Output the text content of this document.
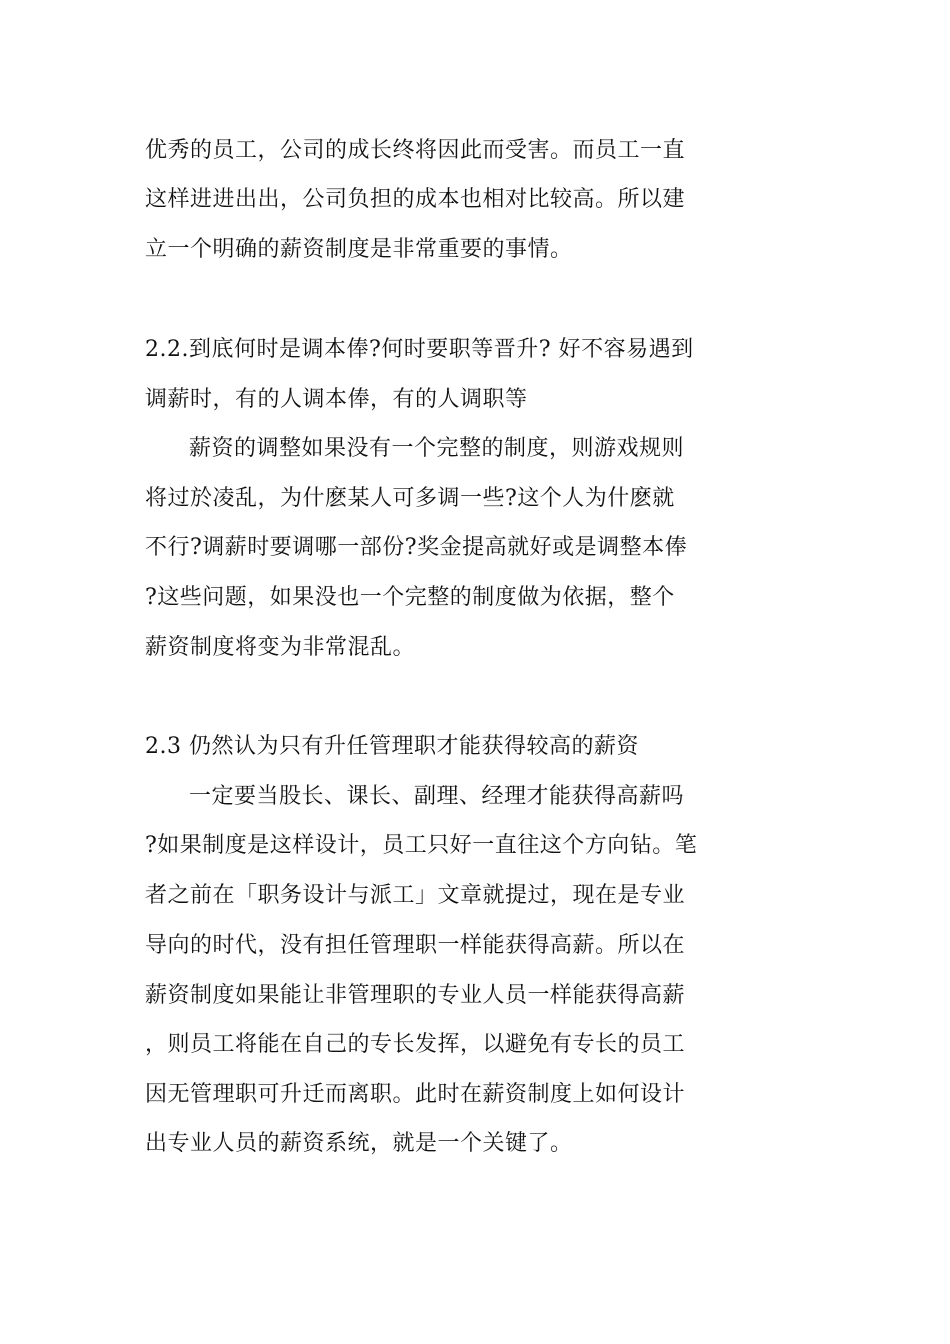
优秀的员工，公司的成长终将因此而受害。而员工一直
这样进进出出，公司负担的成本也相对比较高。所以建
立一个明确的薪资制度是非常重要的事情。
2.2.到底何时是调本俸?何时要职等晋升? 好不容易遇到
调薪时，有的人调本俸，有的人调职等
薪资的调整如果没有一个完整的制度，则游戏规则
将过於凌乱，为什麽某人可多调一些?这个人为什麽就
不行?调薪时要调哪一部份?奖金提高就好或是调整本俸
?这些问题，如果没也一个完整的制度做为依据，整个
薪资制度将变为非常混乱。
2.3 仍然认为只有升任管理职才能获得较高的薪资
一定要当股长、课长、副理、经理才能获得高薪吗
?如果制度是这样设计，员工只好一直往这个方向钻。笔
者之前在「职务设计与派工」文章就提过，现在是专业
导向的时代，没有担任管理职一样能获得高薪。所以在
薪资制度如果能让非管理职的专业人员一样能获得高薪
，则员工将能在自己的专长发挥，以避免有专长的员工
因无管理职可升迁而离职。此时在薪资制度上如何设计
出专业人员的薪资系统，就是一个关键了。
